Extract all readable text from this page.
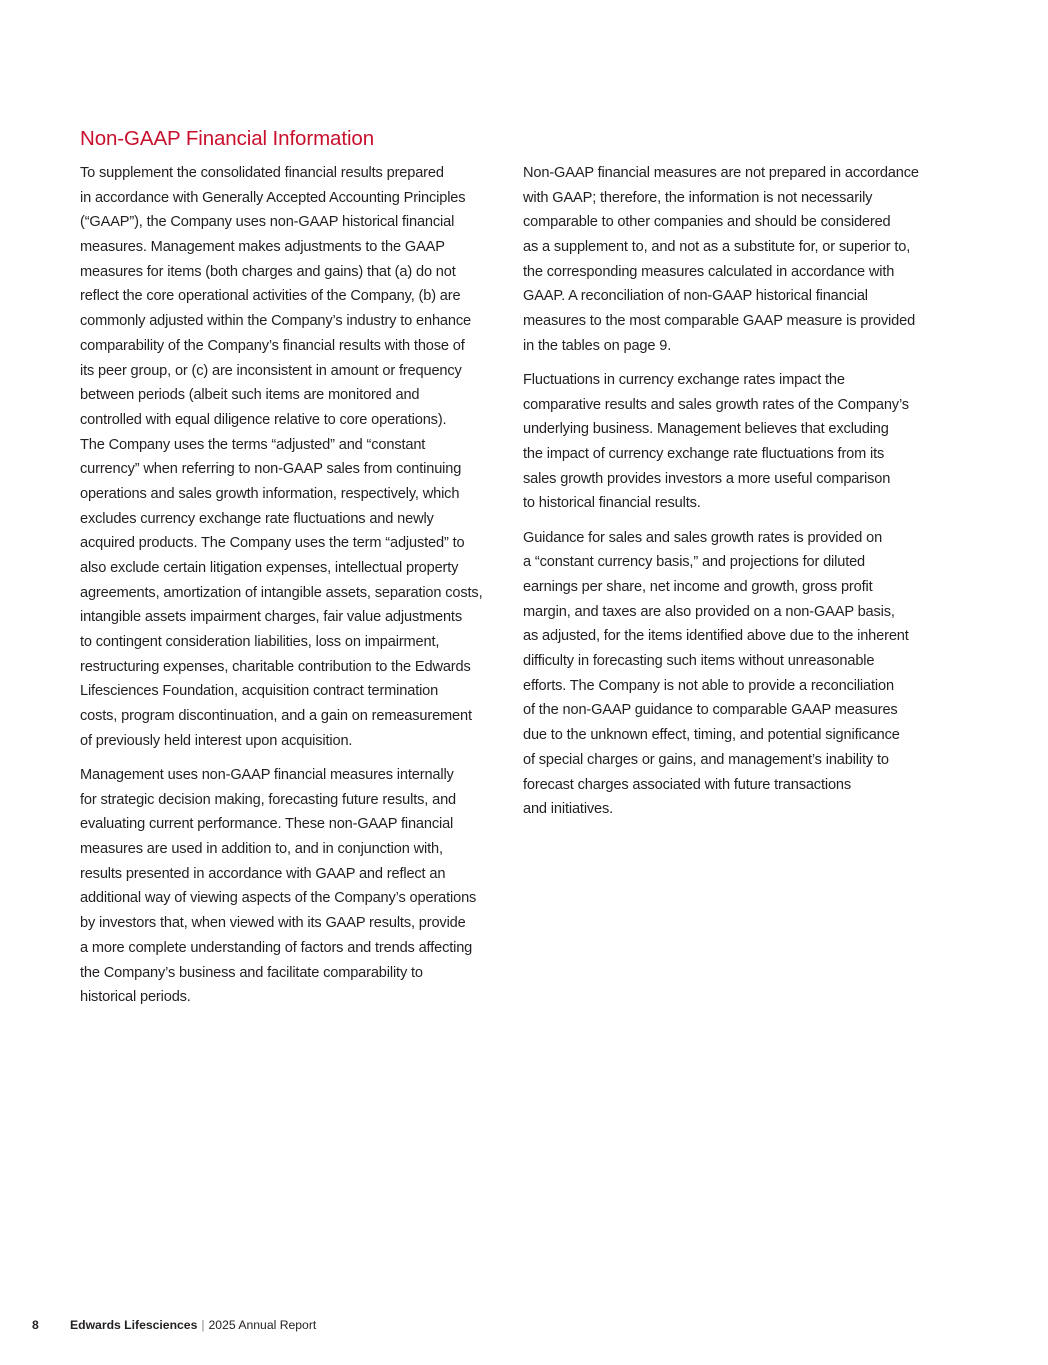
Non-GAAP Financial Information
To supplement the consolidated financial results prepared
in accordance with Generally Accepted Accounting Principles
(“GAAP”), the Company uses non-GAAP historical financial
measures. Management makes adjustments to the GAAP
measures for items (both charges and gains) that (a) do not
reflect the core operational activities of the Company, (b) are
commonly adjusted within the Company’s industry to enhance
comparability of the Company’s financial results with those of
its peer group, or (c) are inconsistent in amount or frequency
between periods (albeit such items are monitored and
controlled with equal diligence relative to core operations).
The Company uses the terms “adjusted” and “constant
currency” when referring to non-GAAP sales from continuing
operations and sales growth information, respectively, which
excludes currency exchange rate fluctuations and newly
acquired products. The Company uses the term “adjusted” to
also exclude certain litigation expenses, intellectual property
agreements, amortization of intangible assets, separation costs,
intangible assets impairment charges, fair value adjustments
to contingent consideration liabilities, loss on impairment,
restructuring expenses, charitable contribution to the Edwards
Lifesciences Foundation, acquisition contract termination
costs, program discontinuation, and a gain on remeasurement
of previously held interest upon acquisition.
Management uses non-GAAP financial measures internally
for strategic decision making, forecasting future results, and
evaluating current performance. These non-GAAP financial
measures are used in addition to, and in conjunction with,
results presented in accordance with GAAP and reflect an
additional way of viewing aspects of the Company’s operations
by investors that, when viewed with its GAAP results, provide
a more complete understanding of factors and trends affecting
the Company’s business and facilitate comparability to
historical periods.
Non-GAAP financial measures are not prepared in accordance
with GAAP; therefore, the information is not necessarily
comparable to other companies and should be considered
as a supplement to, and not as a substitute for, or superior to,
the corresponding measures calculated in accordance with
GAAP. A reconciliation of non-GAAP historical financial
measures to the most comparable GAAP measure is provided
in the tables on page 9.
Fluctuations in currency exchange rates impact the
comparative results and sales growth rates of the Company’s
underlying business. Management believes that excluding
the impact of currency exchange rate fluctuations from its
sales growth provides investors a more useful comparison
to historical financial results.
Guidance for sales and sales growth rates is provided on
a “constant currency basis,” and projections for diluted
earnings per share, net income and growth, gross profit
margin, and taxes are also provided on a non-GAAP basis,
as adjusted, for the items identified above due to the inherent
difficulty in forecasting such items without unreasonable
efforts. The Company is not able to provide a reconciliation
of the non-GAAP guidance to comparable GAAP measures
due to the unknown effect, timing, and potential significance
of special charges or gains, and management’s inability to
forecast charges associated with future transactions
and initiatives.
8	Edwards Lifesciences | 2025 Annual Report
